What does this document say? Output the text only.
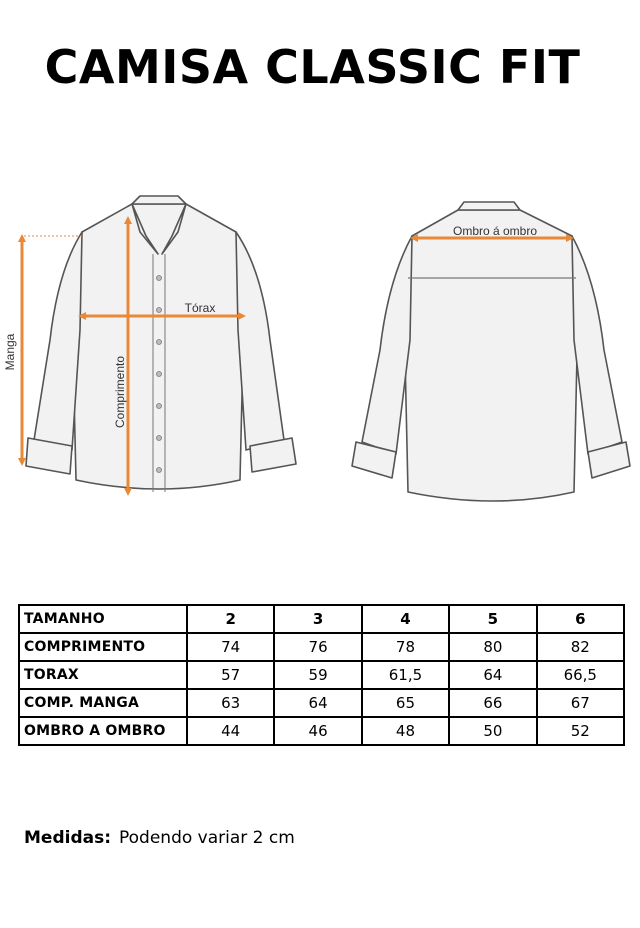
CAMISA CLASSIC FIT
Manga
Comprimento
Tórax
Ombro á ombro
TAMANHO	2	3	4	5	6
COMPRIMENTO	74	76	78	80	82
TORAX	57	59	61,5	64	66,5
COMP. MANGA	63	64	65	66	67
OMBRO A OMBRO	44	46	48	50	52
Medidas: Podendo variar 2 cm
